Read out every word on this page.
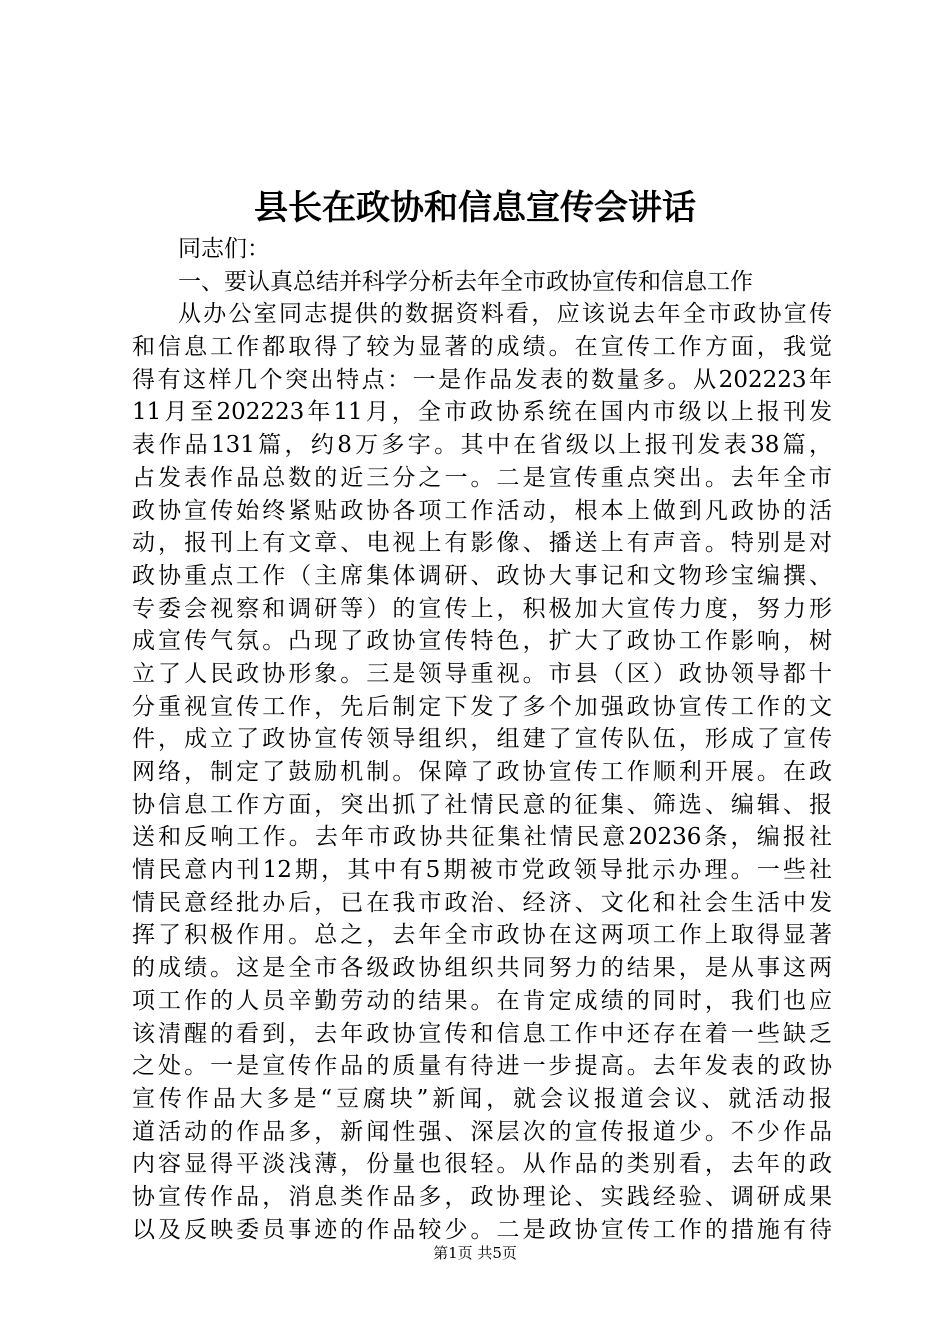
县长在政协和信息宣传会讲话
同志们：
一、要认真总结并科学分析去年全市政协宣传和信息工作
从办公室同志提供的数据资料看，应该说去年全市政协宣传
和信息工作都取得了较为显著的成绩。在宣传工作方面，我觉
得有这样几个突出特点：一是作品发表的数量多。从202223年
11月至202223年11月，全市政协系统在国内市级以上报刊发
表作品131篇，约8万多字。其中在省级以上报刊发表38篇，
占发表作品总数的近三分之一。二是宣传重点突出。去年全市
政协宣传始终紧贴政协各项工作活动，根本上做到凡政协的活
动，报刊上有文章、电视上有影像、播送上有声音。特别是对
政协重点工作（主席集体调研、政协大事记和文物珍宝编撰、
专委会视察和调研等）的宣传上，积极加大宣传力度，努力形
成宣传气氛。凸现了政协宣传特色，扩大了政协工作影响，树
立了人民政协形象。三是领导重视。市县（区）政协领导都十
分重视宣传工作，先后制定下发了多个加强政协宣传工作的文
件，成立了政协宣传领导组织，组建了宣传队伍，形成了宣传
网络，制定了鼓励机制。保障了政协宣传工作顺利开展。在政
协信息工作方面，突出抓了社情民意的征集、筛选、编辑、报
送和反响工作。去年市政协共征集社情民意20236条，编报社
情民意内刊12期，其中有5期被市党政领导批示办理。一些社
情民意经批办后，已在我市政治、经济、文化和社会生活中发
挥了积极作用。总之，去年全市政协在这两项工作上取得显著
的成绩。这是全市各级政协组织共同努力的结果，是从事这两
项工作的人员辛勤劳动的结果。在肯定成绩的同时，我们也应
该清醒的看到，去年政协宣传和信息工作中还存在着一些缺乏
之处。一是宣传作品的质量有待进一步提高。去年发表的政协
宣传作品大多是“豆腐块”新闻，就会议报道会议、就活动报
道活动的作品多，新闻性强、深层次的宣传报道少。不少作品
内容显得平淡浅薄，份量也很轻。从作品的类别看，去年的政
协宣传作品，消息类作品多，政协理论、实践经验、调研成果
以及反映委员事迹的作品较少。二是政协宣传工作的措施有待
第1页 共5页
